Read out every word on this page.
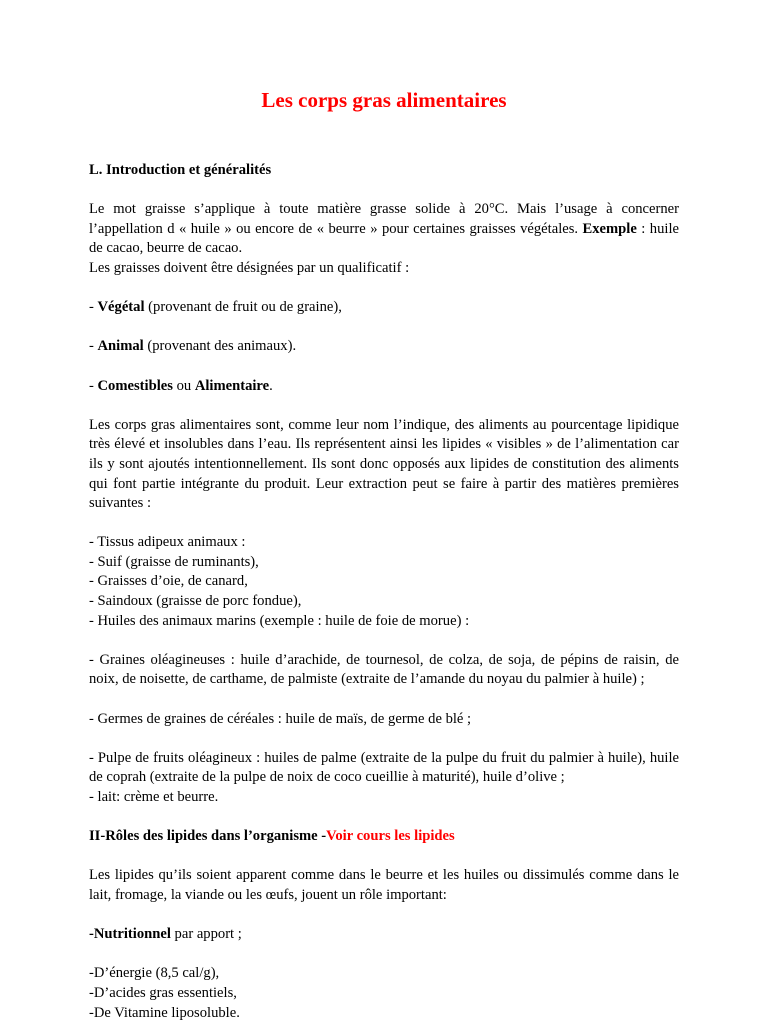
Les corps gras alimentaires

L. Introduction et généralités

Le mot graisse s’applique à toute matière grasse solide à 20°C. Mais l’usage à concerner l’appellation d « huile » ou encore de « beurre » pour certaines graisses végétales. Exemple : huile de cacao, beurre de cacao.

Les graisses doivent être désignées par un qualificatif :

- Végétal (provenant de fruit ou de graine),

- Animal (provenant des animaux).

- Comestibles ou Alimentaire.

Les corps gras alimentaires sont, comme leur nom l’indique, des aliments au pourcentage lipidique très élevé et insolubles dans l’eau. Ils représentent ainsi les lipides « visibles » de l’alimentation car ils y sont ajoutés intentionnellement. Ils sont donc opposés aux lipides de constitution des aliments qui font partie intégrante du produit. Leur extraction peut se faire à partir des matières premières suivantes :

- Tissus adipeux animaux :

- Suif (graisse de ruminants),

- Graisses d’oie, de canard,

- Saindoux (graisse de porc fondue),

- Huiles des animaux marins (exemple : huile de foie de morue) :

- Graines oléagineuses : huile d’arachide, de tournesol, de colza, de soja, de pépins de raisin, de noix, de noisette, de carthame, de palmiste (extraite de l’amande du noyau du palmier à huile) ;

- Germes de graines de céréales : huile de maïs, de germe de blé ;

- Pulpe de fruits oléagineux : huiles de palme (extraite de la pulpe du fruit du palmier à huile), huile de coprah (extraite de la pulpe de noix de coco cueillie à maturité), huile d’olive ;

- lait: crème et beurre.

II-Rôles des lipides dans l’organisme -Voir cours les lipides

Les lipides qu’ils soient apparent comme dans le beurre et les huiles ou dissimulés comme dans le lait, fromage, la viande ou les œufs, jouent un rôle important:

-Nutritionnel par apport ;

-D’énergie (8,5 cal/g),

-D’acides gras essentiels,

-De Vitamine liposoluble.
